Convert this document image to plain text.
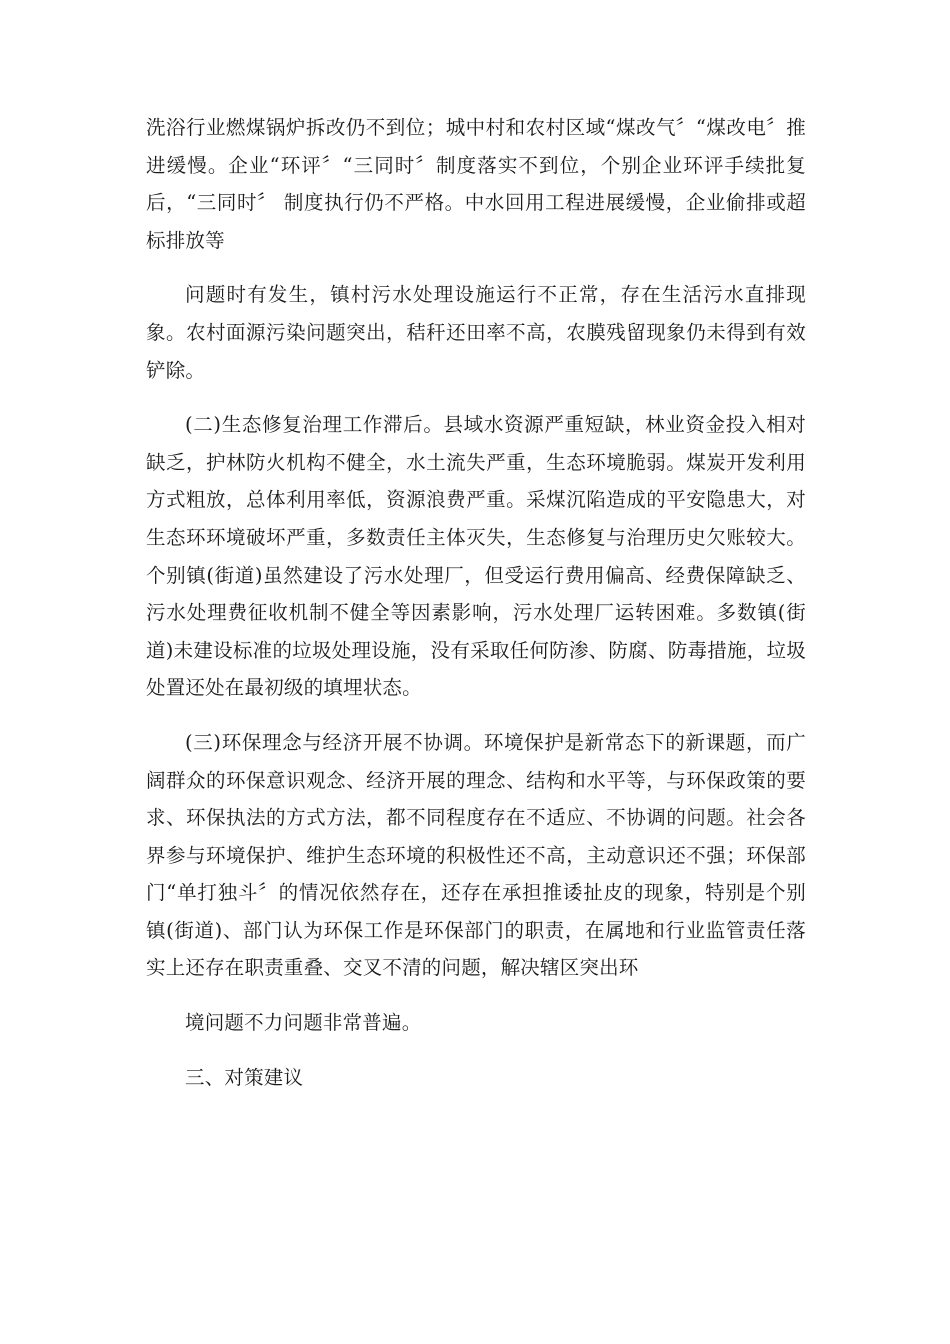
洗浴行业燃煤锅炉拆改仍不到位；城中村和农村区域“煤改气〞“煤改电〞推进缓慢。企业“环评〞“三同时〞制度落实不到位，个别企业环评手续批复后，“三同时〞 制度执行仍不严格。中水回用工程进展缓慢，企业偷排或超标排放等

问题时有发生，镇村污水处理设施运行不正常，存在生活污水直排现象。农村面源污染问题突出，秸秆还田率不高，农膜残留现象仍未得到有效铲除。

(二)生态修复治理工作滞后。县域水资源严重短缺，林业资金投入相对缺乏，护林防火机构不健全，水土流失严重，生态环境脆弱。煤炭开发利用方式粗放，总体利用率低，资源浪费严重。采煤沉陷造成的平安隐患大，对生态环环境破坏严重，多数责任主体灭失，生态修复与治理历史欠账较大。个别镇(街道)虽然建设了污水处理厂，但受运行费用偏高、经费保障缺乏、污水处理费征收机制不健全等因素影响，污水处理厂运转困难。多数镇(街道)未建设标准的垃圾处理设施，没有采取任何防渗、防腐、防毒措施，垃圾处置还处在最初级的填埋状态。

(三)环保理念与经济开展不协调。环境保护是新常态下的新课题，而广阔群众的环保意识观念、经济开展的理念、结构和水平等，与环保政策的要求、环保执法的方式方法，都不同程度存在不适应、不协调的问题。社会各界参与环境保护、维护生态环境的积极性还不高，主动意识还不强；环保部门“单打独斗〞的情况依然存在，还存在承担推诿扯皮的现象，特别是个别镇(街道)、部门认为环保工作是环保部门的职责，在属地和行业监管责任落实上还存在职责重叠、交叉不清的问题，解决辖区突出环

境问题不力问题非常普遍。

三、对策建议
